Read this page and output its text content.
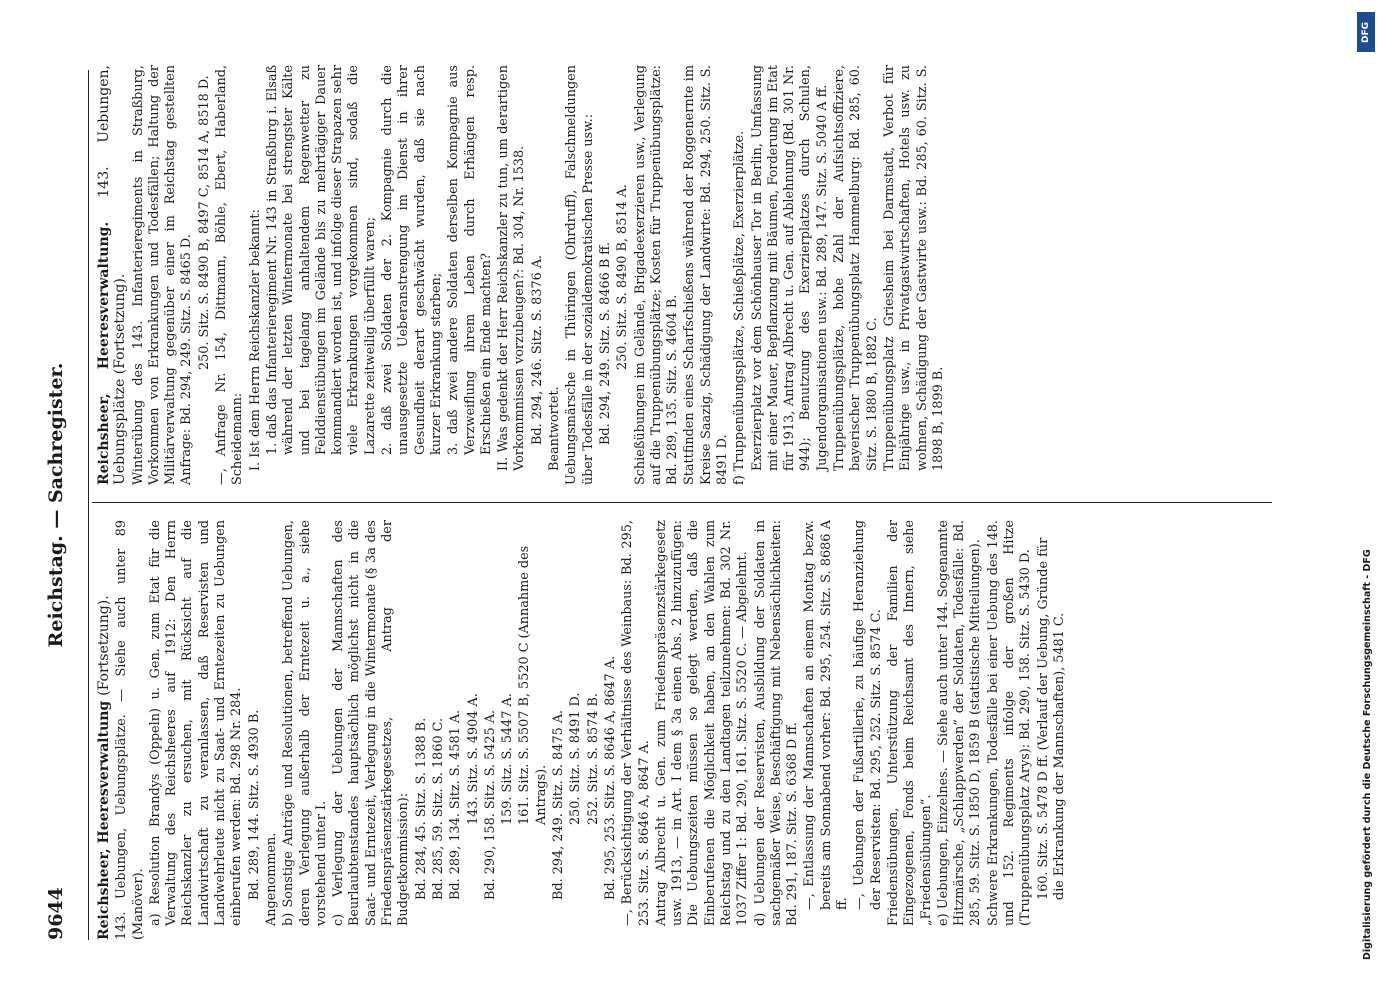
9644
Reichstag. — Sachregister.

Reichsheer, Heeresverwaltung (Fortsetzung). 143. Uebungen, Uebungsplätze. — Siehe auch unter 89 (Manöver). a) Resolution Brandys (Oppeln) u. Gen. zum Etat für die Verwaltung des Reichsheeres auf 1912: Den Herrn Reichskanzler zu ersuchen, mit Rücksicht auf die Landwirtschaft zu veranlassen, daß Reservisten und Landwehrleute nicht zu Saat- und Erntezeiten zu Uebungen einberufen werden: Bd. 298 Nr. 284. Bd. 289, 144. Sitz. S. 4930 B. Angenommen. b) Sonstige Anträge und Resolutionen, betreffend Uebungen, deren Verlegung außerhalb der Erntezeit u. a., siehe vorstehend unter I. c) Verlegung der Uebungen der Mannschaften des Beurlaubtenstandes hauptsächlich möglichst nicht in die Saat- und Erntezeit, Verlegung in die Wintermonate (§ 3a des Friedenspräsenzstärkegesetzes, Antrag der Budgetkommission): Bd. 284, 45. Sitz. S. 1388 B. Bd. 285, 59. Sitz. S. 1860 C. Bd. 289, 134. Sitz. S. 4581 A. 143. Sitz. S. 4904 A. Bd. 290, 158. Sitz. S. 5425 A. 159. Sitz. S. 5447 A. 161. Sitz. S. 5507 B, 5520 C (Annahme des Antrags). Bd. 294, 249. Sitz. S. 8475 A. 250. Sitz. S. 8491 D. 252. Sitz. S. 8574 B. Bd. 295, 253. Sitz. S. 8646 A, 8647 A. —, Berücksichtigung der Verhältnisse des Weinbaus: Bd. 295, 253. Sitz. S. 8646 A, 8647 A. Antrag Albrecht u. Gen. zum Friedenspräsenzstärkegesetz usw. 1913, — in Art. I dem § 3a einen Abs. 2 hinzuzufügen: Die Uebungszeiten müssen so gelegt werden, daß die Einberufenen die Möglichkeit haben, an den Wahlen zum Reichstag und zu den Landtagen teilzunehmen: Bd. 302 Nr. 1037 Ziffer 1: Bd. 290, 161. Sitz. S. 5520 C. — Abgelehnt. d) Uebungen der Reservisten, Ausbildung der Soldaten in sachgemäßer Weise, Beschäftigung mit Nebensächlichkeiten: Bd. 291, 187. Sitz. S. 6368 D ff. —, Entlassung der Mannschaften an einem Montag bezw. bereits am Sonnabend vorher: Bd. 295, 254. Sitz. S. 8686 A ff. —, Uebungen der Fußartillerie, zu häufige Heranziehung der Reservisten: Bd. 295, 252. Sitz. S. 8574 C. Friedensübungen, Unterstützung der Familien der Eingezogenen, Fonds beim Reichsamt des Innern, siehe „Friedensübungen“. e) Uebungen, Einzelnes. — Siehe auch unter 144. Sogenannte Hitzmärsche, „Schlappwerden“ der Soldaten, Todesfälle: Bd. 285, 59. Sitz. S. 1850 D, 1859 B (statistische Mitteilungen). Schwere Erkrankungen, Todesfälle bei einer Uebung des 148. und 152. Regiments infolge der großen Hitze (Truppenübungsplatz Arys): Bd. 290, 158. Sitz. S. 5430 D. 160. Sitz. S. 5478 D ff. (Verlauf der Uebung, Gründe für die Erkrankung der Mannschaften), 5481 C.

Reichsheer, Heeresverwaltung. 143. Uebungen, Uebungsplätze (Fortsetzung). Winterübung des 143. Infanterieregiments in Straßburg, Vorkommen von Erkrankungen und Todesfällen; Haltung der Militärverwaltung gegenüber einer im Reichstag gestellten Anfrage: Bd. 294, 249. Sitz. S. 8465 D. 250. Sitz. S. 8490 B, 8497 C, 8514 A, 8518 D. —, Anfrage Nr. 154, Dittmann, Böhle, Ebert, Haberland, Scheidemann: I. Ist dem Herrn Reichskanzler bekannt: 1. daß das Infanterieregiment Nr. 143 in Straßburg i. Elsaß während der letzten Wintermonate bei strengster Kälte und bei tagelang anhaltendem Regenwetter zu Felddienstübungen im Gelände bis zu mehrtägiger Dauer kommandiert worden ist, und infolge dieser Strapazen sehr viele Erkrankungen vorgekommen sind, sodaß die Lazarette zeitweilig überfüllt waren; 2. daß zwei Soldaten der 2. Kompagnie durch die unausgesetzte Ueberanstrengung im Dienst in ihrer Gesundheit derart geschwächt wurden, daß sie nach kurzer Erkrankung starben; 3. daß zwei andere Soldaten derselben Kompagnie aus Verzweiflung ihrem Leben durch Erhängen resp. Erschießen ein Ende machten? II. Was gedenkt der Herr Reichskanzler zu tun, um derartigen Vorkommnissen vorzubeugen?: Bd. 304, Nr. 1538. Bd. 294, 246. Sitz. S. 8376 A. Beantwortet. Uebungsmärsche in Thüringen (Ohrdruff), Falschmeldungen über Todesfälle in der sozialdemokratischen Presse usw.: Bd. 294, 249. Sitz. S. 8466 B ff. 250. Sitz. S. 8490 B, 8514 A. Schießübungen im Gelände, Brigadeexerzieren usw., Verlegung auf die Truppenübungsplätze; Kosten für Truppenübungsplätze: Bd. 289, 135. Sitz. S. 4604 B. Stattfinden eines Scharfschießens während der Roggenernte im Kreise Saazig, Schädigung der Landwirte: Bd. 294, 250. Sitz. S. 8491 D. f) Truppenübungsplätze, Schießplätze, Exerzierplätze. Exerzierplatz vor dem Schönhauser Tor in Berlin, Umfassung mit einer Mauer, Bepflanzung mit Bäumen, Forderung im Etat für 1913, Antrag Albrecht u. Gen. auf Ablehnung (Bd. 301 Nr. 944); Benutzung des Exerzierplatzes durch Schulen, Jugendorganisationen usw.: Bd. 289, 147. Sitz. S. 5040 A ff. Truppenübungsplätze, hohe Zahl der Aufsichtsoffiziere, bayerischer Truppenübungsplatz Hammelburg: Bd. 285, 60. Sitz. S. 1880 B, 1882 C. Truppenübungsplatz Griesheim bei Darmstadt, Verbot für Einjährige usw., in Privatgastwirtschaften, Hotels usw. zu wohnen, Schädigung der Gastwirte usw.: Bd. 285, 60. Sitz. S. 1898 B, 1899 B.

DFG
Digitalisierung gefördert durch die Deutsche Forschungsgemeinschaft - DFG
